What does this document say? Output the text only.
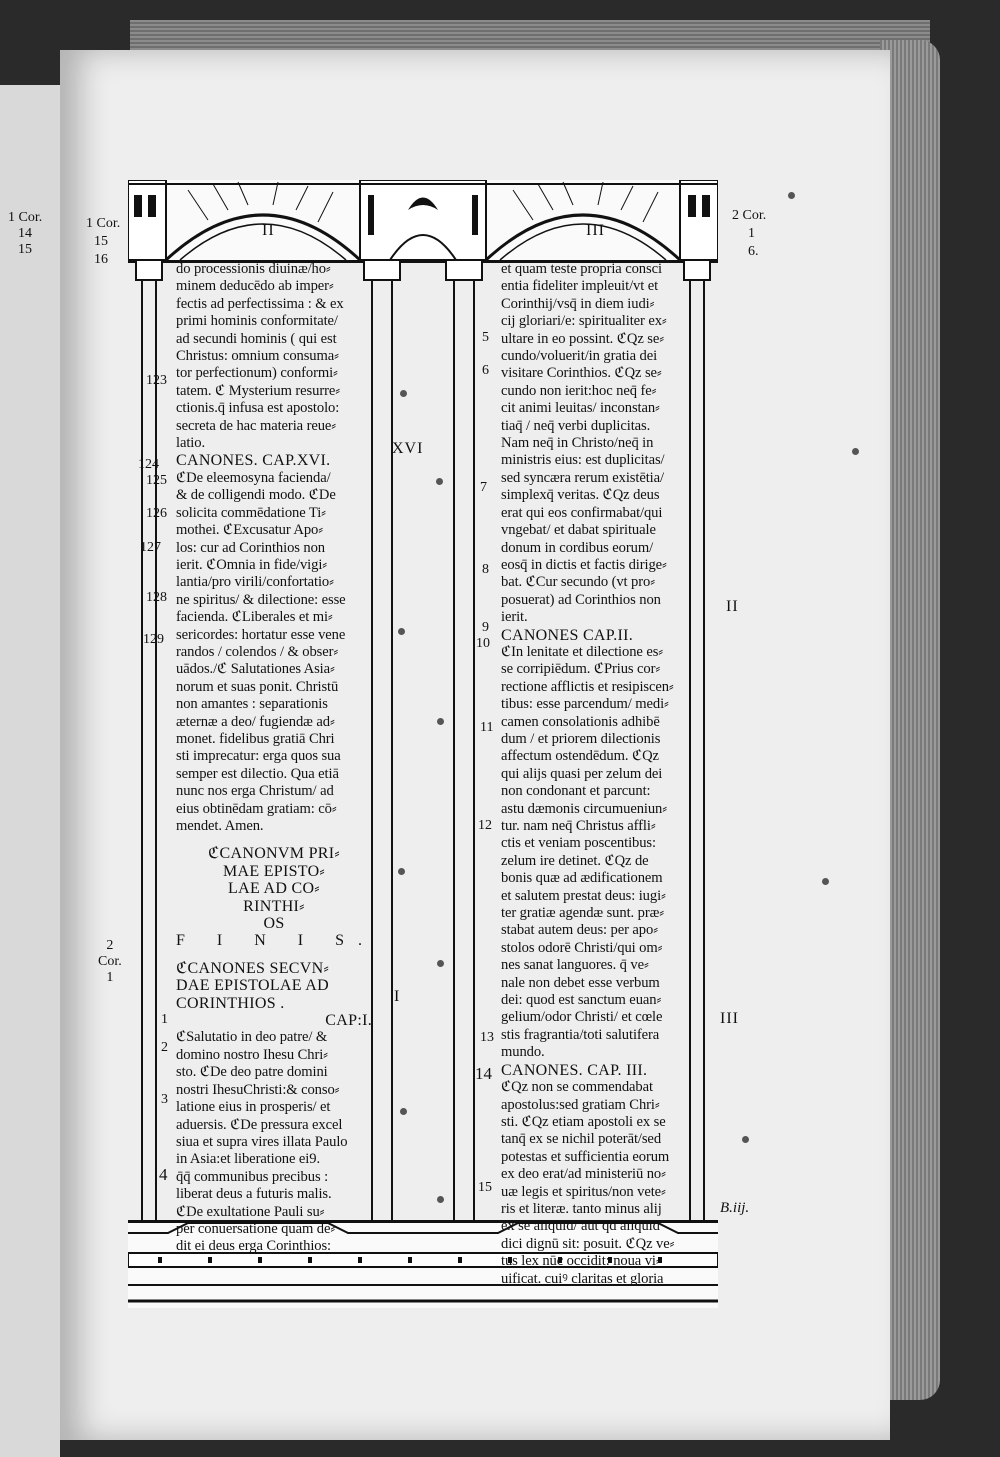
1 Cor.
14
15
II	III
1 Cor.
15
16
2 Cor.
1
6.
do processionis diuinæ/ho⸗
minem deducēdo ab imper⸗
fectis ad perfectissima : & ex
primi hominis conformitate/
ad secundi hominis ( qui est
Christus: omnium consuma⸗
tor perfectionum) conformi⸗
tatem. ℭ Mysterium resurre⸗
ctionis.q̄ infusa est apostolo:
secreta de hac materia reue⸗
latio.
CANONES. CAP.XVI.
ℭDe eleemosyna facienda/
& de colligendi modo. ℭDe
solicita commēdatione Ti⸗
mothei. ℭExcusatur Apo⸗
los: cur ad Corinthios non
ierit. ℭOmnia in fide/vigi⸗
lantia/pro virili/confortatio⸗
ne spiritus/ & dilectione: esse
facienda. ℭLiberales et mi⸗
sericordes: hortatur esse vene
randos / colendos / & obser⸗
uādos./ℭ Salutationes Asia⸗
norum et suas ponit. Christū
non amantes : separationis
æternæ a deo/ fugiendæ ad⸗
monet. fidelibus gratiā Chri
sti imprecatur: erga quos sua
semper est dilectio. Qua etiā
nunc nos erga Christum/ ad
eius obtinēdam gratiam: cō⸗
mendet. Amen.
ℭCANONVM PRI⸗
MAE EPISTO⸗
LAE AD CO⸗
RINTHI⸗
OS
F I N I S.
ℭCANONES SECVN⸗
DAE EPISTOLAE AD
CORINTHIOS .
CAP:I.
ℭSalutatio in deo patre/ &
domino nostro Ihesu Chri⸗
sto. ℭDe deo patre domini
nostri IhesuChristi:& conso⸗
latione eius in prosperis/ et
aduersis. ℭDe pressura excel
siua et supra vires illata Paulo
in Asia:et liberatione ei9.
q̄q̄ communibus precibus :
liberat deus a futuris malis.
ℭDe exultatione Pauli su⸗
per conuersatione quam de⸗
dit ei deus erga Corinthios:
et quam teste propria consci
entia fideliter impleuit/vt et
Corinthij/vsq̄ in diem iudi⸗
cij gloriari/e: spiritualiter ex⸗
ultare in eo possint. ℭQz se⸗
cundo/voluerit/in gratia dei
visitare Corinthios. ℭQz se⸗
cundo non ierit:hoc neq̄ fe⸗
cit animi leuitas/ inconstan⸗
tiaq̄ / neq̄ verbi duplicitas.
Nam neq̄ in Christo/neq̄ in
ministris eius: est duplicitas/
sed syncæra rerum existētia/
simplexq̄ veritas. ℭQz deus
erat qui eos confirmabat/qui
vngebat/ et dabat spirituale
donum in cordibus eorum/
eosq̄ in dictis et factis dirige⸗
bat. ℭCur secundo (vt pro⸗
posuerat) ad Corinthios non
ierit.
CANONES CAP.II.
ℭIn lenitate et dilectione es⸗
se corripiēdum. ℭPrius cor⸗
rectione afflictis et resipiscen⸗
tibus: esse parcendum/ medi⸗
camen consolationis adhibē
dum / et priorem dilectionis
affectum ostendēdum. ℭQz
qui alijs quasi per zelum dei
non condonant et parcunt:
astu dæmonis circumueniun⸗
tur. nam neq̄ Christus affli⸗
ctis et veniam poscentibus:
zelum ire detinet. ℭQz de
bonis quæ ad ædificationem
et salutem prestat deus: iugi⸗
ter gratiæ agendæ sunt. præ⸗
stabat autem deus: per apo⸗
stolos odorē Christi/qui om⸗
nes sanat languores. q̄ ve⸗
nale non debet esse verbum
dei: quod est sanctum euan⸗
gelium/odor Christi/ et cœle
stis fragrantia/toti salutifera
mundo.
CANONES. CAP. III.
ℭQz non se commendabat
apostolus:sed gratiam Chri⸗
sti. ℭQz etiam apostoli ex se
tanq̄ ex se nichil poterāt/sed
potestas et sufficientia eorum
ex deo erat/ad ministeriū no⸗
uæ legis et spiritus/non vete⸗
ris et literæ. tanto minus alij
ex se aliquid/ aut qd aliquid
dici dignū sit: posuit. ℭQz ve⸗
tus lex nūc occidit: noua vi⸗
uificat. cuiꝰ claritas et gloria
123
124
125
126
127
128
129
2
Cor.
1
1
2
3
4
5
6
7
8
9
10
11
12
13
14
15
XVI
I
II
III
B.iij.
